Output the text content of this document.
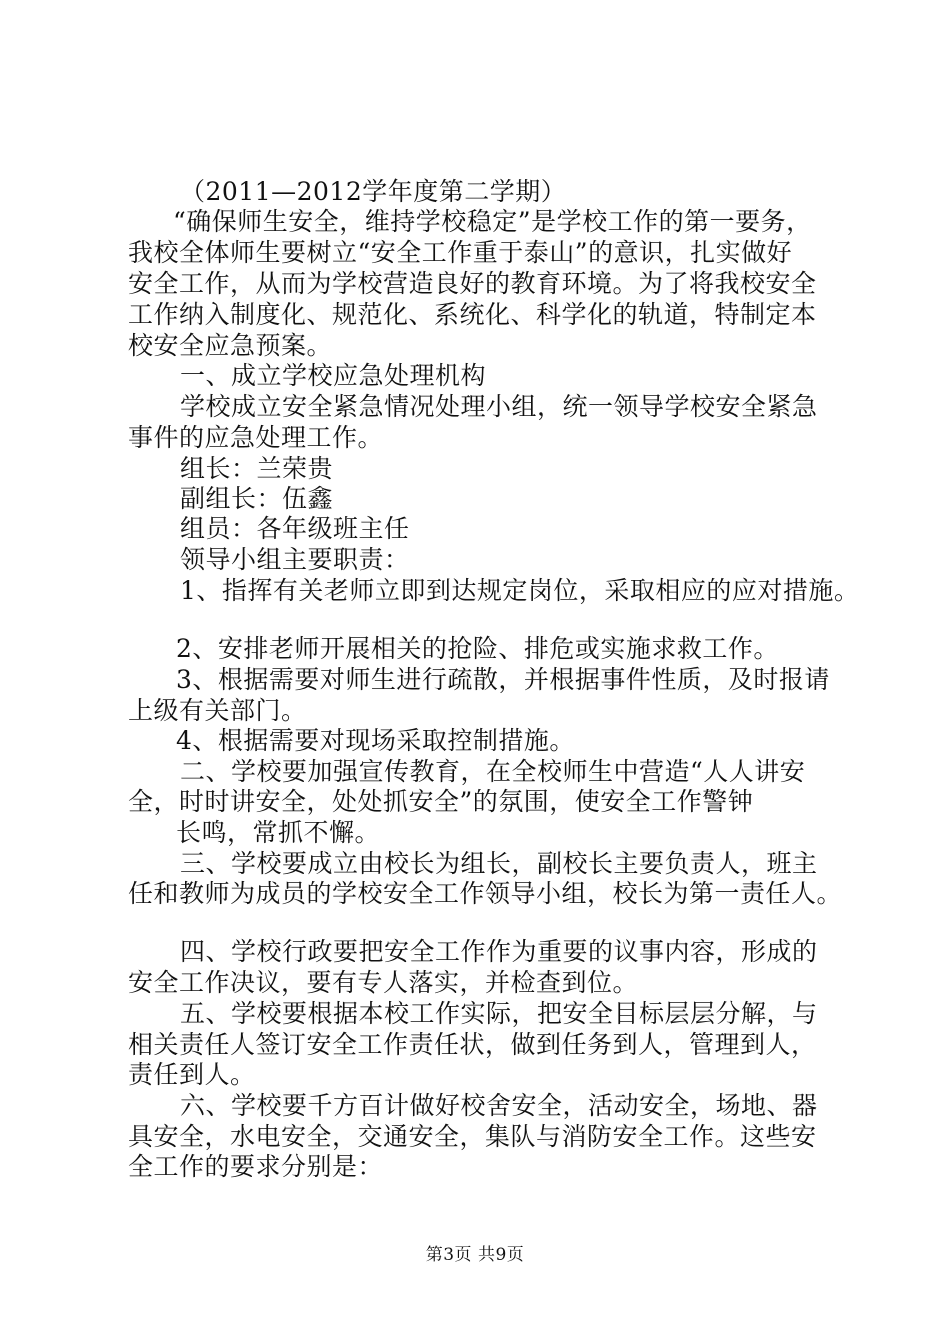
（2011—2012学年度第二学期）
“确保师生安全，维持学校稳定”是学校工作的第一要务，
我校全体师生要树立“安全工作重于泰山”的意识，扎实做好
安全工作，从而为学校营造良好的教育环境。为了将我校安全
工作纳入制度化、规范化、系统化、科学化的轨道，特制定本
校安全应急预案。
一、成立学校应急处理机构
学校成立安全紧急情况处理小组，统一领导学校安全紧急
事件的应急处理工作。
组长：兰荣贵
副组长：伍鑫
组员：各年级班主任
领导小组主要职责：
1、指挥有关老师立即到达规定岗位，采取相应的应对措施。
2、安排老师开展相关的抢险、排危或实施求救工作。
3、根据需要对师生进行疏散，并根据事件性质，及时报请
上级有关部门。
4、根据需要对现场采取控制措施。
二、学校要加强宣传教育，在全校师生中营造“人人讲安
全，时时讲安全，处处抓安全”的氛围，使安全工作警钟
长鸣，常抓不懈。
三、学校要成立由校长为组长，副校长主要负责人，班主
任和教师为成员的学校安全工作领导小组，校长为第一责任人。
四、学校行政要把安全工作作为重要的议事内容，形成的
安全工作决议，要有专人落实，并检查到位。
五、学校要根据本校工作实际，把安全目标层层分解，与
相关责任人签订安全工作责任状，做到任务到人，管理到人，
责任到人。
六、学校要千方百计做好校舍安全，活动安全，场地、器
具安全，水电安全，交通安全，集队与消防安全工作。这些安
全工作的要求分别是：
第3页 共9页
